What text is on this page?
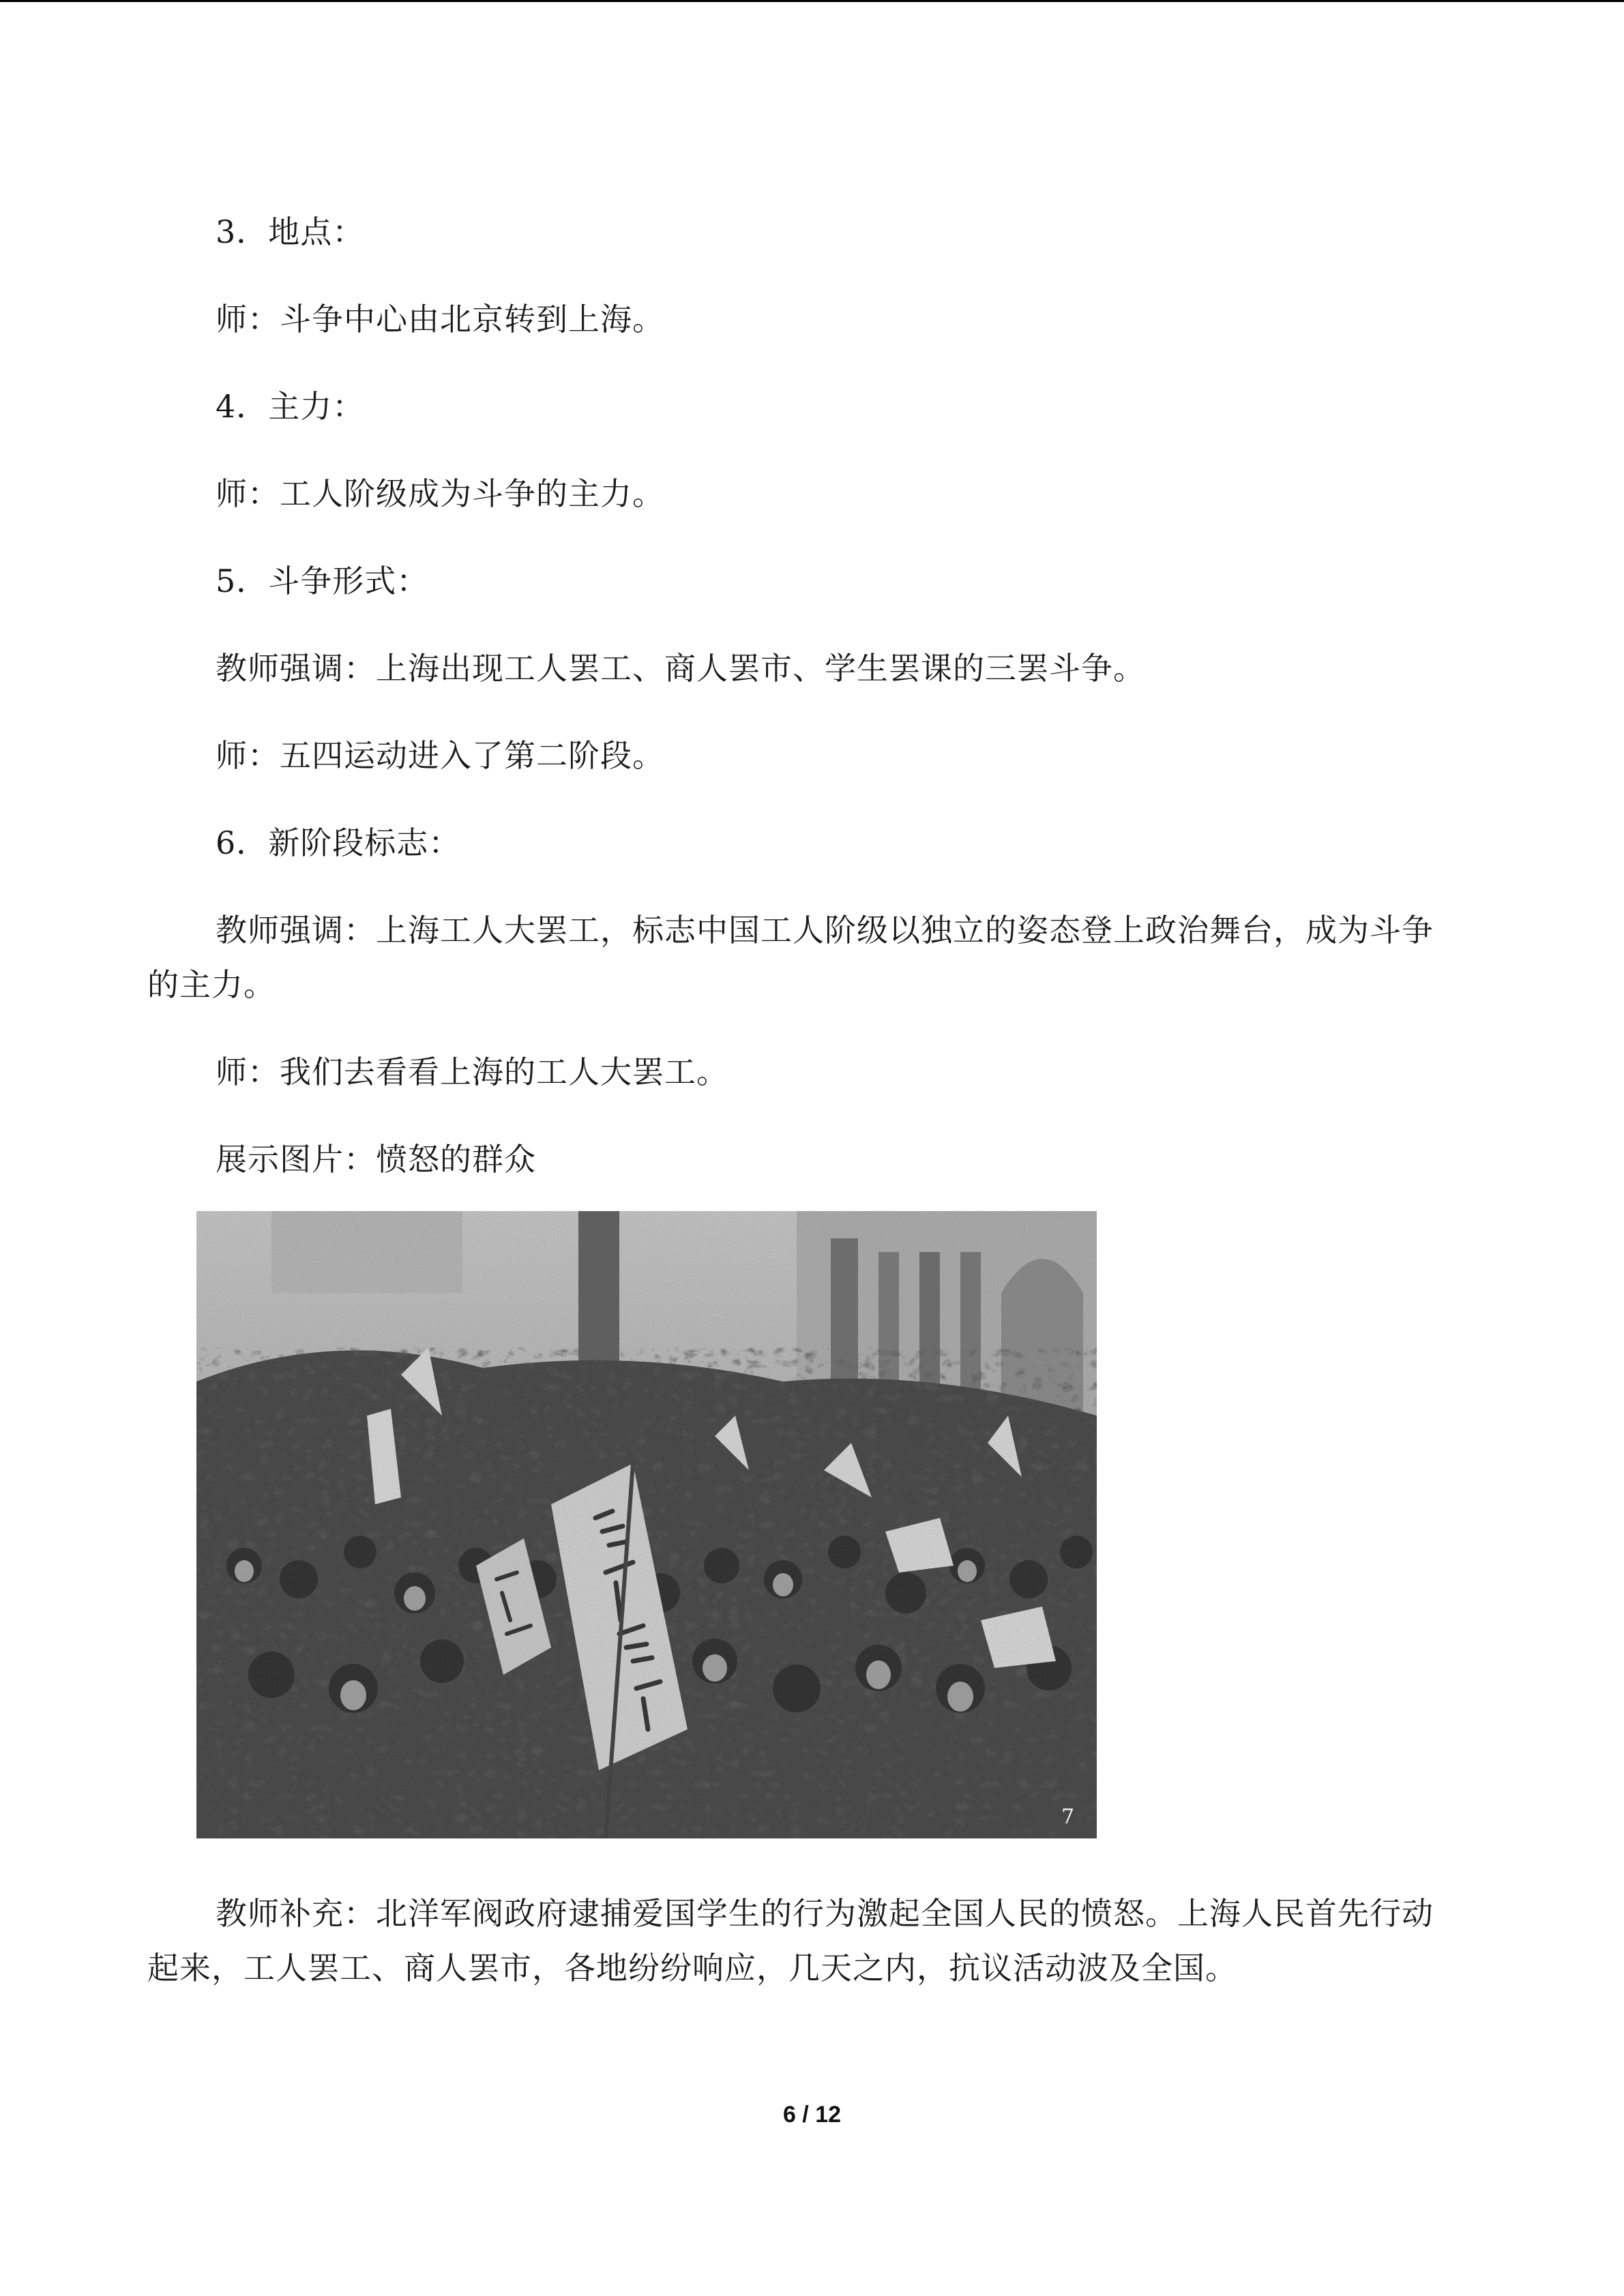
3．地点：

师：斗争中心由北京转到上海。

4．主力：

师：工人阶级成为斗争的主力。

5．斗争形式：

教师强调：上海出现工人罢工、商人罢市、学生罢课的三罢斗争。

师：五四运动进入了第二阶段。

6．新阶段标志：

教师强调：上海工人大罢工，标志中国工人阶级以独立的姿态登上政治舞台，成为斗争的主力。

师：我们去看看上海的工人大罢工。

展示图片：愤怒的群众

7

教师补充：北洋军阀政府逮捕爱国学生的行为激起全国人民的愤怒。上海人民首先行动起来，工人罢工、商人罢市，各地纷纷响应，几天之内，抗议活动波及全国。

6 / 12
